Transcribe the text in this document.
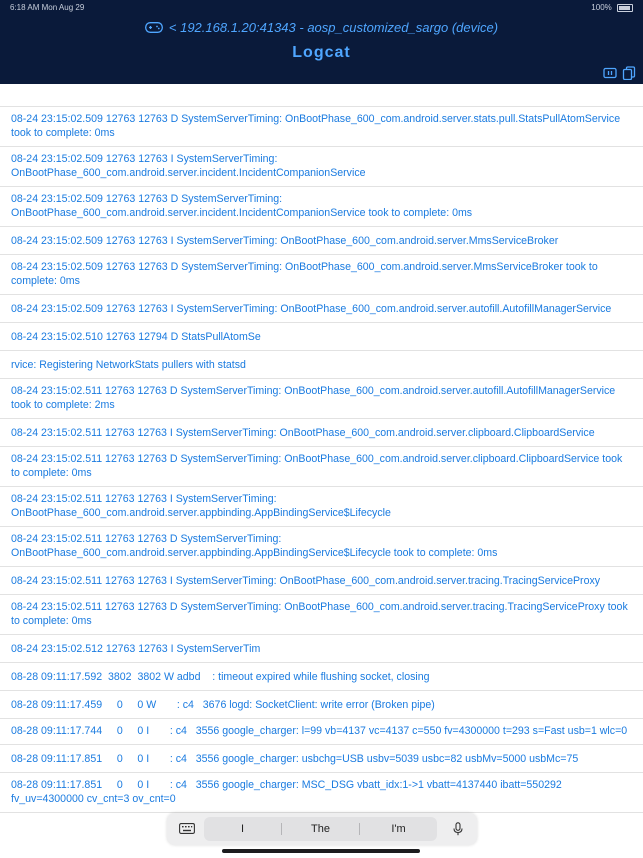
6:18 AM Mon Aug 29	100%
< 192.168.1.20:41343 - aosp_customized_sargo (device)
Logcat
08-24 23:15:02.509 12763 12763 D SystemServerTiming: OnBootPhase_600_com.android.server.stats.pull.StatsPullAtomService took to complete: 0ms
08-24 23:15:02.509 12763 12763 I SystemServerTiming: OnBootPhase_600_com.android.server.incident.IncidentCompanionService
08-24 23:15:02.509 12763 12763 D SystemServerTiming: OnBootPhase_600_com.android.server.incident.IncidentCompanionService took to complete: 0ms
08-24 23:15:02.509 12763 12763 I SystemServerTiming: OnBootPhase_600_com.android.server.MmsServiceBroker
08-24 23:15:02.509 12763 12763 D SystemServerTiming: OnBootPhase_600_com.android.server.MmsServiceBroker took to complete: 0ms
08-24 23:15:02.509 12763 12763 I SystemServerTiming: OnBootPhase_600_com.android.server.autofill.AutofillManagerService
08-24 23:15:02.510 12763 12794 D StatsPullAtomSe
rvice: Registering NetworkStats pullers with statsd
08-24 23:15:02.511 12763 12763 D SystemServerTiming: OnBootPhase_600_com.android.server.autofill.AutofillManagerService took to complete: 2ms
08-24 23:15:02.511 12763 12763 I SystemServerTiming: OnBootPhase_600_com.android.server.clipboard.ClipboardService
08-24 23:15:02.511 12763 12763 D SystemServerTiming: OnBootPhase_600_com.android.server.clipboard.ClipboardService took to complete: 0ms
08-24 23:15:02.511 12763 12763 I SystemServerTiming: OnBootPhase_600_com.android.server.appbinding.AppBindingService$Lifecycle
08-24 23:15:02.511 12763 12763 D SystemServerTiming: OnBootPhase_600_com.android.server.appbinding.AppBindingService$Lifecycle took to complete: 0ms
08-24 23:15:02.511 12763 12763 I SystemServerTiming: OnBootPhase_600_com.android.server.tracing.TracingServiceProxy
08-24 23:15:02.511 12763 12763 D SystemServerTiming: OnBootPhase_600_com.android.server.tracing.TracingServiceProxy took to complete: 0ms
08-24 23:15:02.512 12763 12763 I SystemServerTim
08-28 09:11:17.592  3802  3802 W adbd    : timeout expired while flushing socket, closing
08-28 09:11:17.459     0     0 W       : c4   3676 logd: SocketClient: write error (Broken pipe)
08-28 09:11:17.744     0     0 I       : c4   3556 google_charger: l=99 vb=4137 vc=4137 c=550 fv=4300000 t=293 s=Fast usb=1 wlc=0
08-28 09:11:17.851     0     0 I       : c4   3556 google_charger: usbchg=USB usbv=5039 usbc=82 usbMv=5000 usbMc=75
08-28 09:11:17.851     0     0 I       : c4   3556 google_charger: MSC_DSG vbatt_idx:1->1 vbatt=4137440 ibatt=550292 fv_uv=4300000 cv_cnt=3 ov_cnt=0
I	The	I'm
